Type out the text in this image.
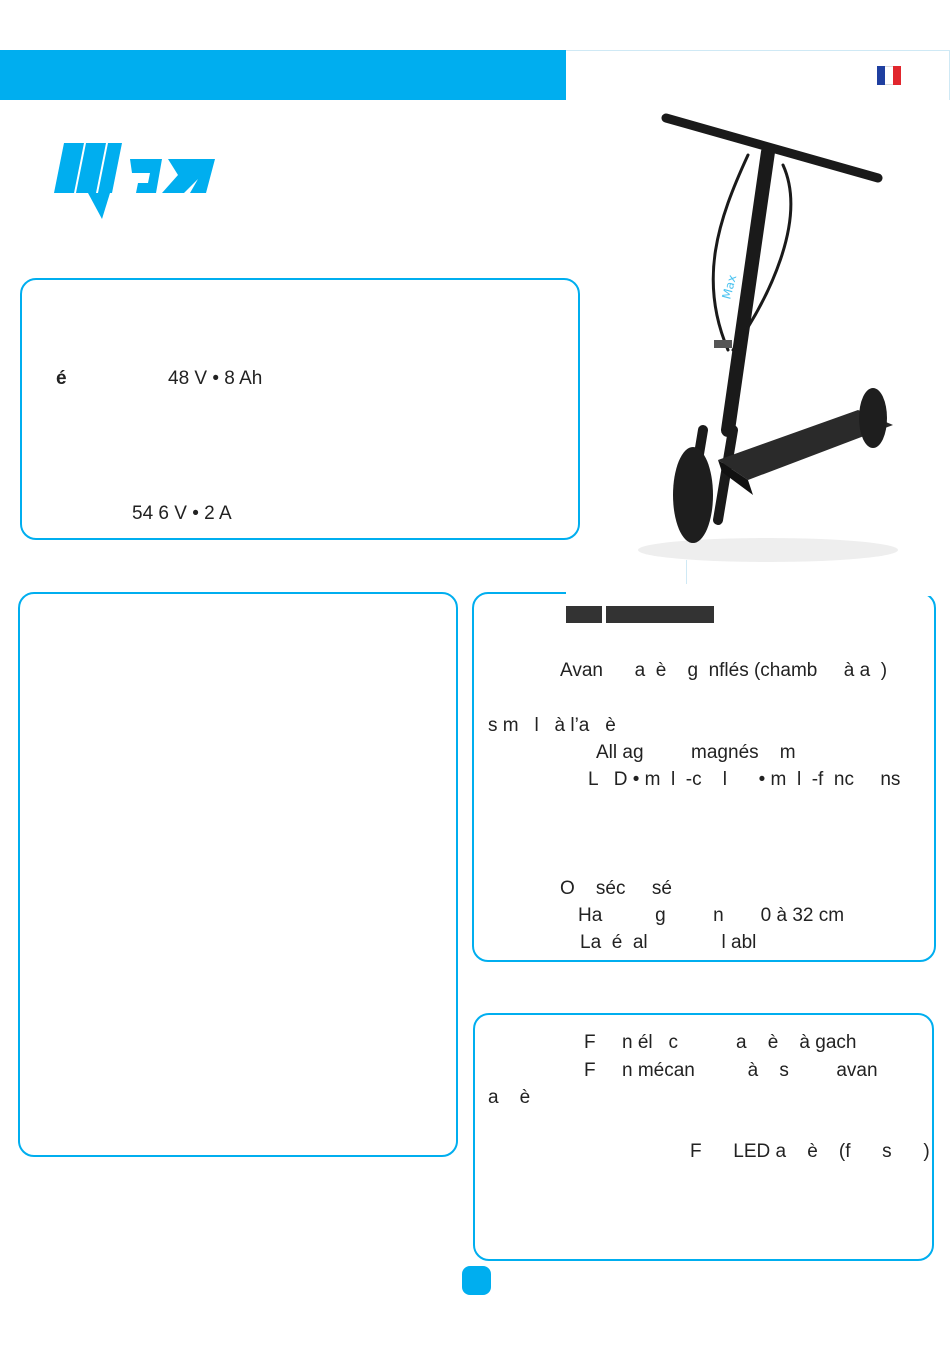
Max
é	48 V • 8 Ah
54 6 V • 2 A
Avan      a  è    g  nflés (chamb     à a  )
s m   l   à l’a   è
All ag         magnés    m
L   D • m  l  -c    l      • m  l  -f  nc     ns
O    séc     sé
Ha          g         n       0 à 32 cm
La  é  al              l abl
F     n él   c           a    è    à gach
F     n mécan          à    s         avan
a    è
F      LED a    è    (f      s      )
